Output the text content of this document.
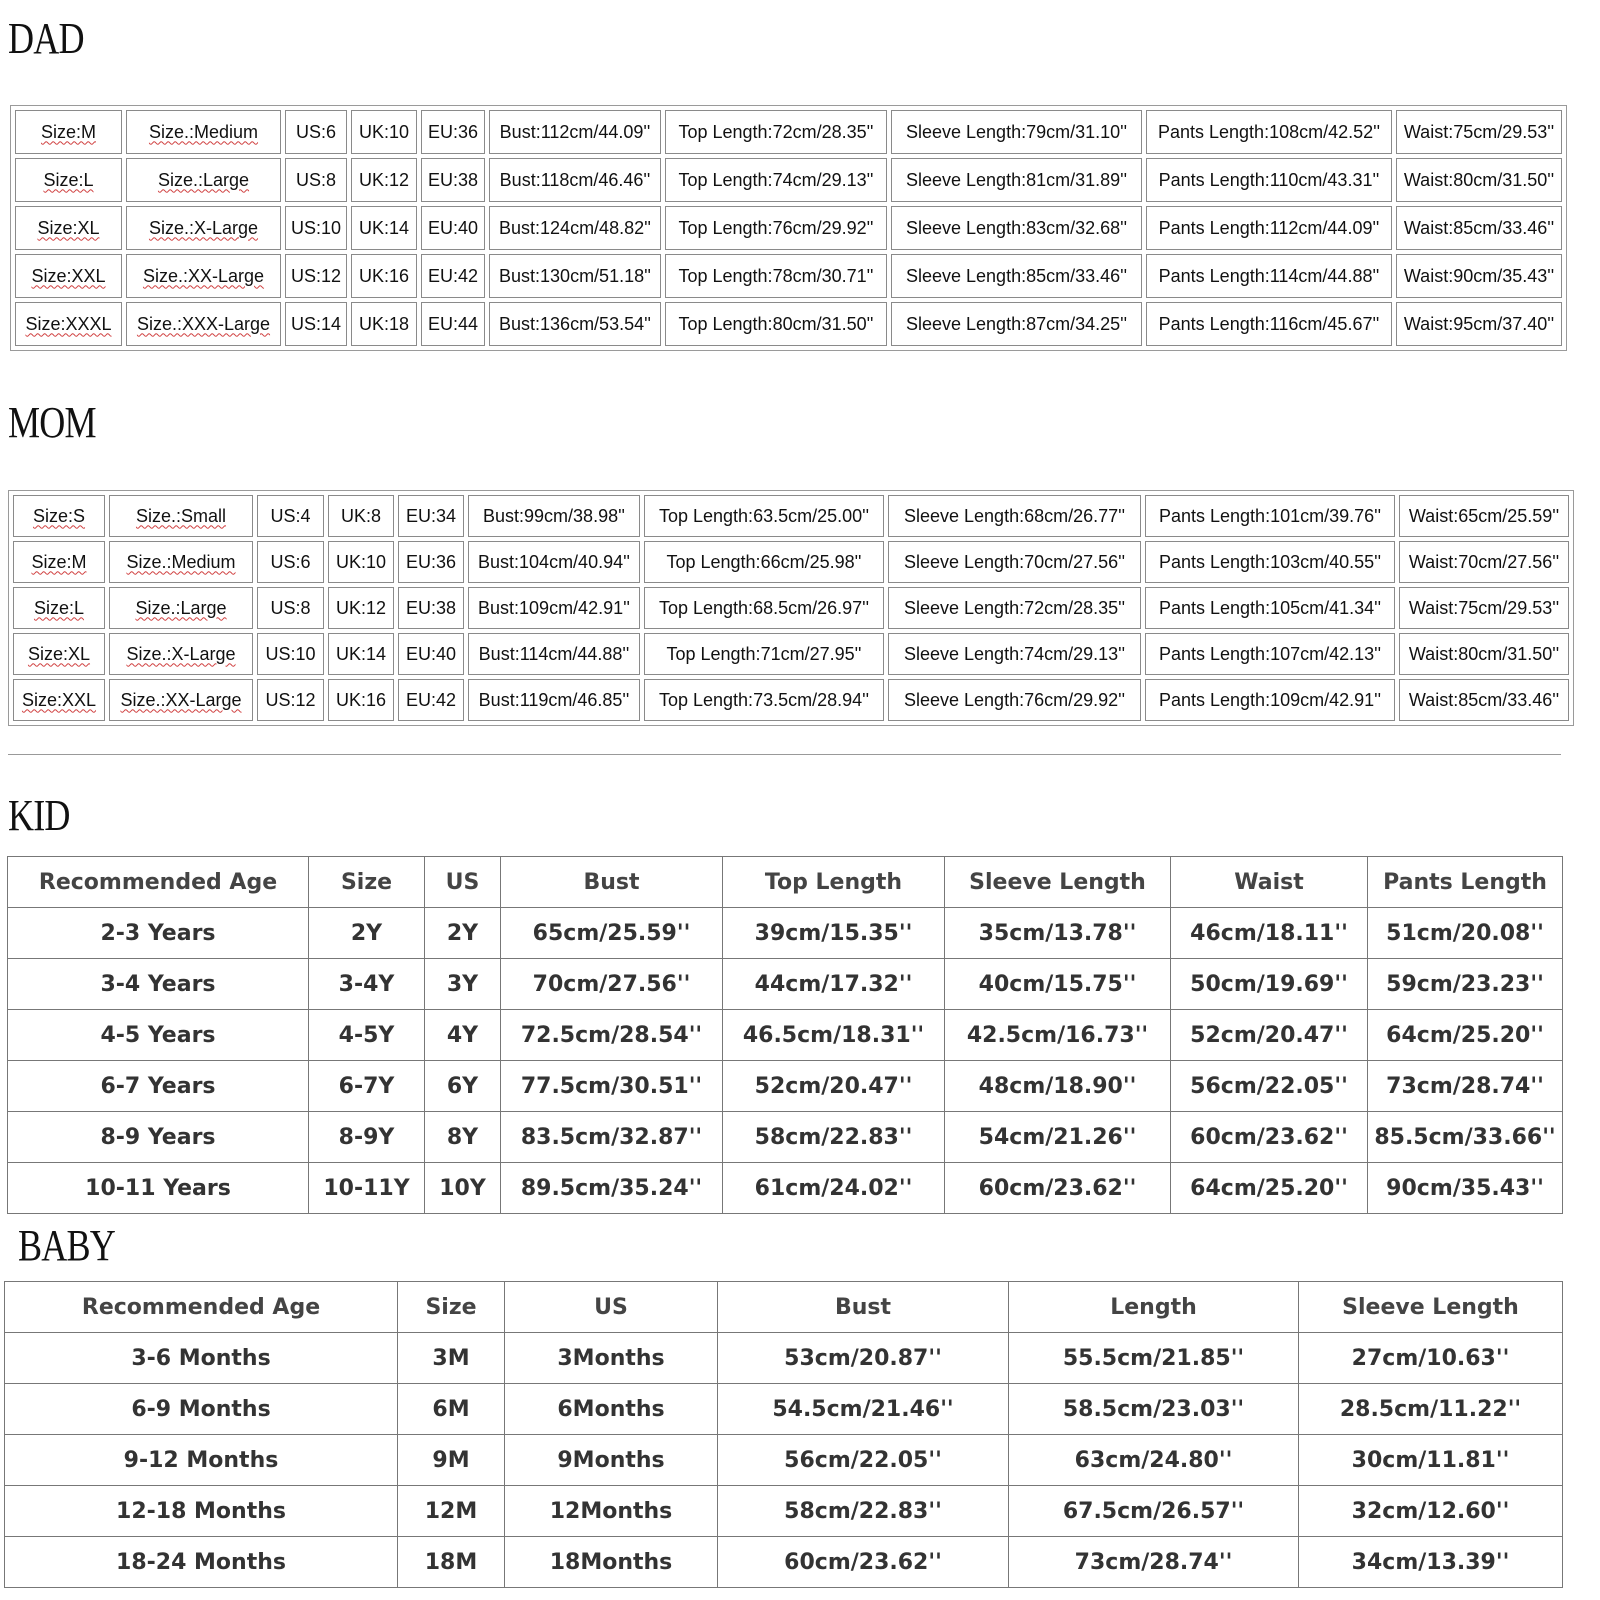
DAD
Size:M	Size.:Medium	US:6	UK:10	EU:36	Bust:112cm/44.09''	Top Length:72cm/28.35''	Sleeve Length:79cm/31.10''	Pants Length:108cm/42.52''	Waist:75cm/29.53''
Size:L	Size.:Large	US:8	UK:12	EU:38	Bust:118cm/46.46''	Top Length:74cm/29.13''	Sleeve Length:81cm/31.89''	Pants Length:110cm/43.31''	Waist:80cm/31.50''
Size:XL	Size.:X-Large	US:10	UK:14	EU:40	Bust:124cm/48.82''	Top Length:76cm/29.92''	Sleeve Length:83cm/32.68''	Pants Length:112cm/44.09''	Waist:85cm/33.46''
Size:XXL	Size.:XX-Large	US:12	UK:16	EU:42	Bust:130cm/51.18''	Top Length:78cm/30.71''	Sleeve Length:85cm/33.46''	Pants Length:114cm/44.88''	Waist:90cm/35.43''
Size:XXXL	Size.:XXX-Large	US:14	UK:18	EU:44	Bust:136cm/53.54''	Top Length:80cm/31.50''	Sleeve Length:87cm/34.25''	Pants Length:116cm/45.67''	Waist:95cm/37.40''
MOM
Size:S	Size.:Small	US:4	UK:8	EU:34	Bust:99cm/38.98''	Top Length:63.5cm/25.00''	Sleeve Length:68cm/26.77''	Pants Length:101cm/39.76''	Waist:65cm/25.59''
Size:M	Size.:Medium	US:6	UK:10	EU:36	Bust:104cm/40.94''	Top Length:66cm/25.98''	Sleeve Length:70cm/27.56''	Pants Length:103cm/40.55''	Waist:70cm/27.56''
Size:L	Size.:Large	US:8	UK:12	EU:38	Bust:109cm/42.91''	Top Length:68.5cm/26.97''	Sleeve Length:72cm/28.35''	Pants Length:105cm/41.34''	Waist:75cm/29.53''
Size:XL	Size.:X-Large	US:10	UK:14	EU:40	Bust:114cm/44.88''	Top Length:71cm/27.95''	Sleeve Length:74cm/29.13''	Pants Length:107cm/42.13''	Waist:80cm/31.50''
Size:XXL	Size.:XX-Large	US:12	UK:16	EU:42	Bust:119cm/46.85''	Top Length:73.5cm/28.94''	Sleeve Length:76cm/29.92''	Pants Length:109cm/42.91''	Waist:85cm/33.46''
KID
Recommended Age	Size	US	Bust	Top Length	Sleeve Length	Waist	Pants Length
2-3 Years	2Y	2Y	65cm/25.59''	39cm/15.35''	35cm/13.78''	46cm/18.11''	51cm/20.08''
3-4 Years	3-4Y	3Y	70cm/27.56''	44cm/17.32''	40cm/15.75''	50cm/19.69''	59cm/23.23''
4-5 Years	4-5Y	4Y	72.5cm/28.54''	46.5cm/18.31''	42.5cm/16.73''	52cm/20.47''	64cm/25.20''
6-7 Years	6-7Y	6Y	77.5cm/30.51''	52cm/20.47''	48cm/18.90''	56cm/22.05''	73cm/28.74''
8-9 Years	8-9Y	8Y	83.5cm/32.87''	58cm/22.83''	54cm/21.26''	60cm/23.62''	85.5cm/33.66''
10-11 Years	10-11Y	10Y	89.5cm/35.24''	61cm/24.02''	60cm/23.62''	64cm/25.20''	90cm/35.43''
BABY
Recommended Age	Size	US	Bust	Length	Sleeve Length
3-6 Months	3M	3Months	53cm/20.87''	55.5cm/21.85''	27cm/10.63''
6-9 Months	6M	6Months	54.5cm/21.46''	58.5cm/23.03''	28.5cm/11.22''
9-12 Months	9M	9Months	56cm/22.05''	63cm/24.80''	30cm/11.81''
12-18 Months	12M	12Months	58cm/22.83''	67.5cm/26.57''	32cm/12.60''
18-24 Months	18M	18Months	60cm/23.62''	73cm/28.74''	34cm/13.39''
